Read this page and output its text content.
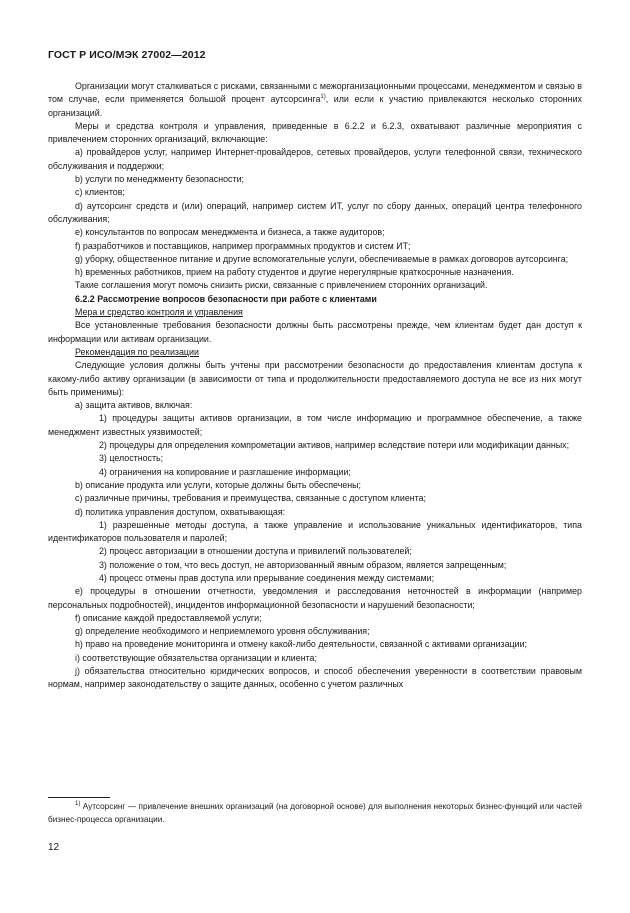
ГОСТ Р ИСО/МЭК 27002—2012

Организации могут сталкиваться с рисками, связанными с межорганизационными процессами, менеджментом и связью в том случае, если применяется большой процент аутсорсинга$^{1)}$, или если к участию привлекаются несколько сторонних организаций.

Меры и средства контроля и управления, приведенные в 6.2.2 и 6.2.3, охватывают различные мероприятия с привлечением сторонних организаций, включающие:

а) провайдеров услуг, например Интернет-провайдеров, сетевых провайдеров, услуги телефонной связи, технического обслуживания и поддержки;

b) услуги по менеджменту безопасности;

c) клиентов;

d) аутсорсинг средств и (или) операций, например систем ИТ, услуг по сбору данных, операций центра телефонного обслуживания;

e) консультантов по вопросам менеджмента и бизнеса, а также аудиторов;

f) разработчиков и поставщиков, например программных продуктов и систем ИТ;

g) уборку, общественное питание и другие вспомогательные услуги, обеспечиваемые в рамках договоров аутсорсинга;

h) временных работников, прием на работу студентов и другие нерегулярные краткосрочные назначения.

Такие соглашения могут помочь снизить риски, связанные с привлечением сторонних организаций.

6.2.2 Рассмотрение вопросов безопасности при работе с клиентами

Мера и средство контроля и управления

Все установленные требования безопасности должны быть рассмотрены прежде, чем клиентам будет дан доступ к информации или активам организации.

Рекомендация по реализации

Следующие условия должны быть учтены при рассмотрении безопасности до предоставления клиентам доступа к какому-либо активу организации (в зависимости от типа и продолжительности предоставляемого доступа не все из них могут быть применимы):

а) защита активов, включая:

1) процедуры защиты активов организации, в том числе информацию и программное обеспечение, а также менеджмент известных уязвимостей;

2) процедуры для определения компрометации активов, например вследствие потери или модификации данных;

3) целостность;

4) ограничения на копирование и разглашение информации;

b) описание продукта или услуги, которые должны быть обеспечены;

c) различные причины, требования и преимущества, связанные с доступом клиента;

d) политика управления доступом, охватывающая:

1) разрешенные методы доступа, а также управление и использование уникальных идентификаторов, типа идентификаторов пользователя и паролей;

2) процесс авторизации в отношении доступа и привилегий пользователей;

3) положение о том, что весь доступ, не авторизованный явным образом, является запрещенным;

4) процесс отмены прав доступа или прерывание соединения между системами;

e) процедуры в отношении отчетности, уведомления и расследования неточностей в информации (например персональных подробностей), инцидентов информационной безопасности и нарушений безопасности;

f) описание каждой предоставляемой услуги;

g) определение необходимого и неприемлемого уровня обслуживания;

h) право на проведение мониторинга и отмену какой-либо деятельности, связанной с активами организации;

i) соответствующие обязательства организации и клиента;

j) обязательства относительно юридических вопросов, и способ обеспечения уверенности в соответствии правовым нормам, например законодательству о защите данных, особенно с учетом различных

$^{1)}$ Аутсорсинг — привлечение внешних организаций (на договорной основе) для выполнения некоторых бизнес-функций или частей бизнес-процесса организации.
12
